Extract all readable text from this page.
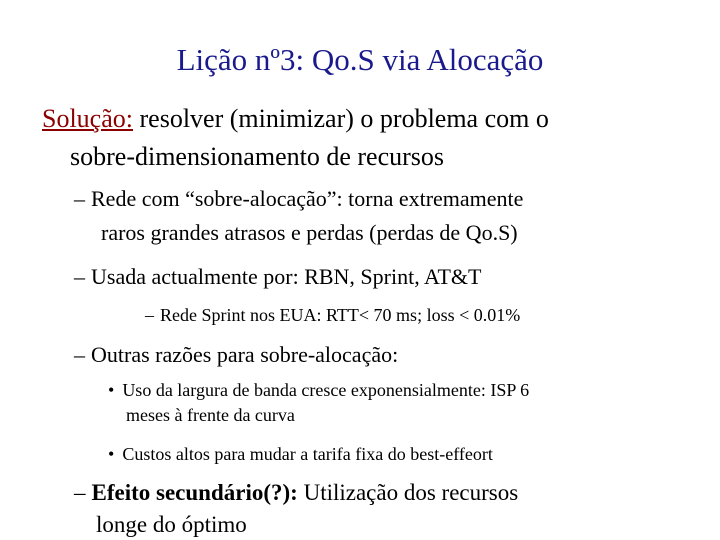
Lição nº3: Qo.S via Alocação
Solução: resolver (minimizar) o problema com o
sobre-dimensionamento de recursos
– Rede com “sobre-alocação”: torna extremamente
raros grandes atrasos e perdas (perdas de Qo.S)
– Usada actualmente por: RBN, Sprint, AT&T
– Rede Sprint nos EUA: RTT< 70 ms; loss < 0.01%
– Outras razões para sobre-alocação:
• Uso da largura de banda cresce exponensialmente: ISP 6
meses à frente da curva
• Custos altos para mudar a tarifa fixa do best-effeort
– Efeito secundário(?): Utilização dos recursos
longe do óptimo
